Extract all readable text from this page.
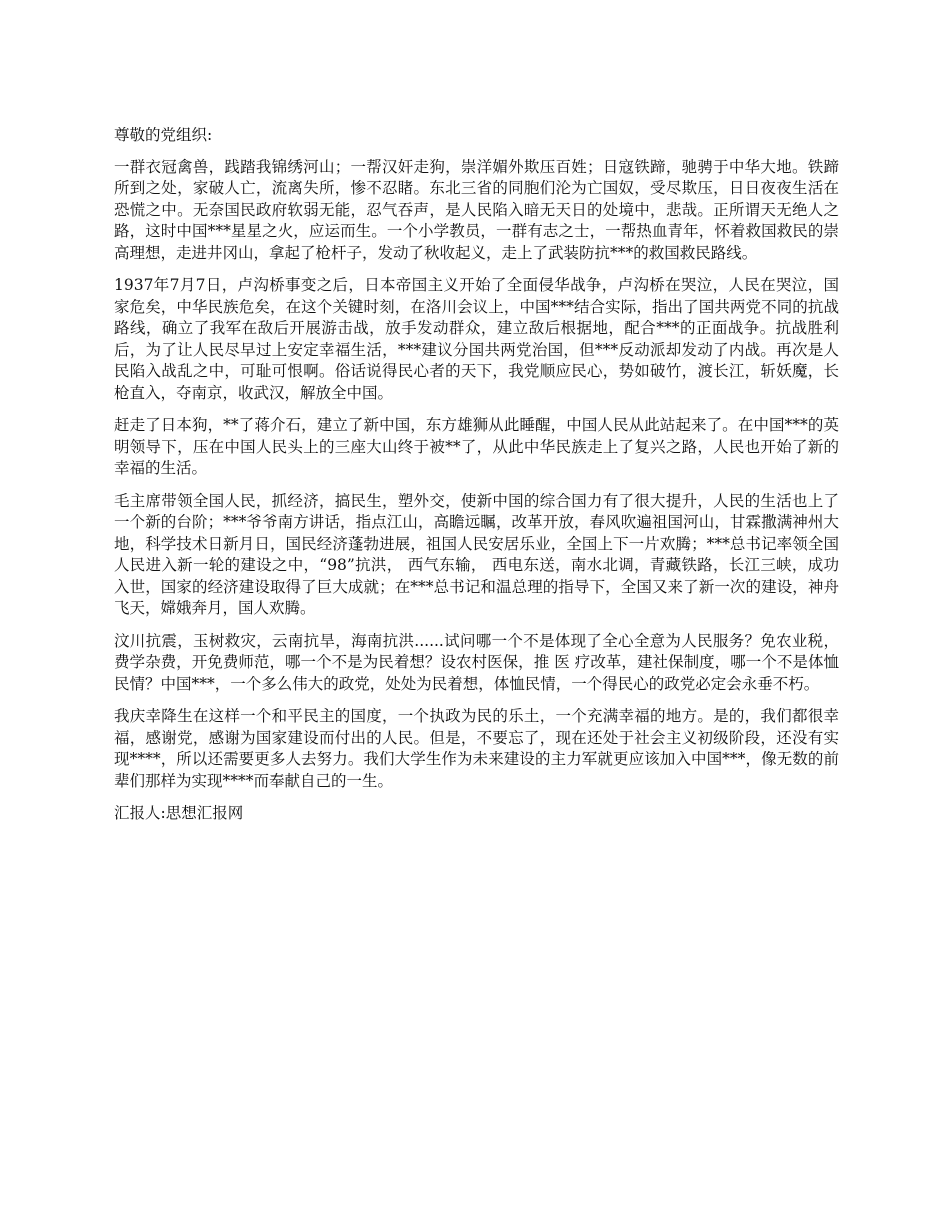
尊敬的党组织:

一群衣冠禽兽，践踏我锦绣河山；一帮汉奸走狗，崇洋媚外欺压百姓；日寇铁蹄，驰骋于中华大地。铁蹄所到之处，家破人亡，流离失所，惨不忍睹。东北三省的同胞们沦为亡国奴，受尽欺压，日日夜夜生活在恐慌之中。无奈国民政府软弱无能，忍气吞声，是人民陷入暗无天日的处境中，悲哉。正所谓天无绝人之路，这时中国***星星之火，应运而生。一个小学教员，一群有志之士，一帮热血青年，怀着救国救民的崇高理想，走进井冈山，拿起了枪杆子，发动了秋收起义，走上了武装防抗***的救国救民路线。

1937年7月7日，卢沟桥事变之后，日本帝国主义开始了全面侵华战争，卢沟桥在哭泣，人民在哭泣，国家危矣，中华民族危矣，在这个关键时刻，在洛川会议上，中国***结合实际，指出了国共两党不同的抗战路线，确立了我军在敌后开展游击战，放手发动群众，建立敌后根据地，配合***的正面战争。抗战胜利后，为了让人民尽早过上安定幸福生活，***建议分国共两党治国，但***反动派却发动了内战。再次是人民陷入战乱之中，可耻可恨啊。俗话说得民心者的天下，我党顺应民心，势如破竹，渡长江，斩妖魔，长枪直入，夺南京，收武汉，解放全中国。

赶走了日本狗，**了蒋介石，建立了新中国，东方雄狮从此睡醒，中国人民从此站起来了。在中国***的英明领导下，压在中国人民头上的三座大山终于被**了，从此中华民族走上了复兴之路，人民也开始了新的幸福的生活。

毛主席带领全国人民，抓经济，搞民生，塑外交，使新中国的综合国力有了很大提升，人民的生活也上了一个新的台阶；***爷爷南方讲话，指点江山，高瞻远瞩，改革开放，春风吹遍祖国河山，甘霖撒满神州大地，科学技术日新月日，国民经济蓬勃进展，祖国人民安居乐业，全国上下一片欢腾；***总书记率领全国人民进入新一轮的建设之中，“98”抗洪， 西气东输， 西电东送，南水北调，青藏铁路，长江三峡，成功入世，国家的经济建设取得了巨大成就；在***总书记和温总理的指导下，全国又来了新一次的建设，神舟飞天，嫦娥奔月，国人欢腾。

汶川抗震，玉树救灾，云南抗旱，海南抗洪......试问哪一个不是体现了全心全意为人民服务？免农业税，费学杂费，开免费师范，哪一个不是为民着想？设农村医保，推 医 疗改革，建社保制度，哪一个不是体恤民情？中国***，一个多么伟大的政党，处处为民着想，体恤民情，一个得民心的政党必定会永垂不朽。

我庆幸降生在这样一个和平民主的国度，一个执政为民的乐土，一个充满幸福的地方。是的，我们都很幸福，感谢党，感谢为国家建设而付出的人民。但是，不要忘了，现在还处于社会主义初级阶段，还没有实现****，所以还需要更多人去努力。我们大学生作为未来建设的主力军就更应该加入中国***，像无数的前辈们那样为实现****而奉献自己的一生。

汇报人:思想汇报网
